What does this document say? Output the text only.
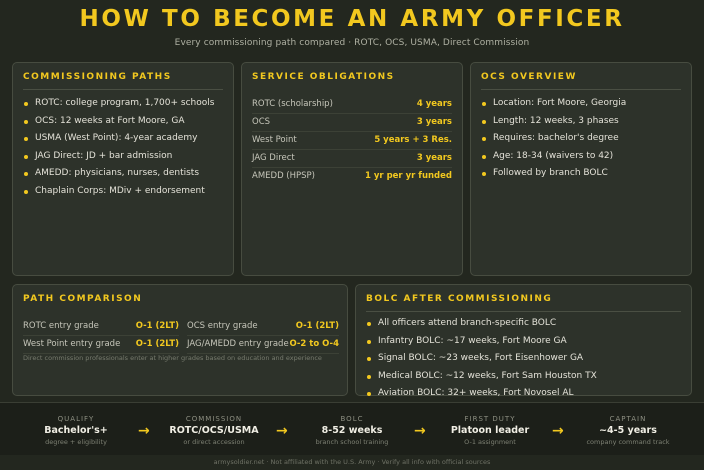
HOW TO BECOME AN ARMY OFFICER
Every commissioning path compared · ROTC, OCS, USMA, Direct Commission
COMMISSIONING PATHS
ROTC: college program, 1,700+ schools
OCS: 12 weeks at Fort Moore, GA
USMA (West Point): 4-year academy
JAG Direct: JD + bar admission
AMEDD: physicians, nurses, dentists
Chaplain Corps: MDiv + endorsement
SERVICE OBLIGATIONS
ROTC (scholarship)	4 years
OCS	3 years
West Point	5 years + 3 Res.
JAG Direct	3 years
AMEDD (HPSP)	1 yr per yr funded
OCS OVERVIEW
Location: Fort Moore, Georgia
Length: 12 weeks, 3 phases
Requires: bachelor's degree
Age: 18-34 (waivers to 42)
Followed by branch BOLC
PATH COMPARISON
ROTC entry grade	O-1 (2LT) OCS entry grade	O-1 (2LT)
West Point entry grade O-1 (2LT) JAG/AMEDD entry grade O-2 to O-4
Direct commission professionals enter at higher grades based on education and experience
BOLC AFTER COMMISSIONING
All officers attend branch-specific BOLC
Infantry BOLC: ~17 weeks, Fort Moore GA
Signal BOLC: ~23 weeks, Fort Eisenhower GA
Medical BOLC: ~12 weeks, Fort Sam Houston TX
Aviation BOLC: 32+ weeks, Fort Novosel AL
QUALIFY
Bachelor's+
degree + eligibility
→
COMMISSION
ROTC/OCS/USMA
or direct accession
→
BOLC
8-52 weeks
branch school training
→
FIRST DUTY
Platoon leader
O-1 assignment
→
CAPTAIN
~4-5 years
company command track
armysoldier.net · Not affiliated with the U.S. Army · Verify all info with official sources
